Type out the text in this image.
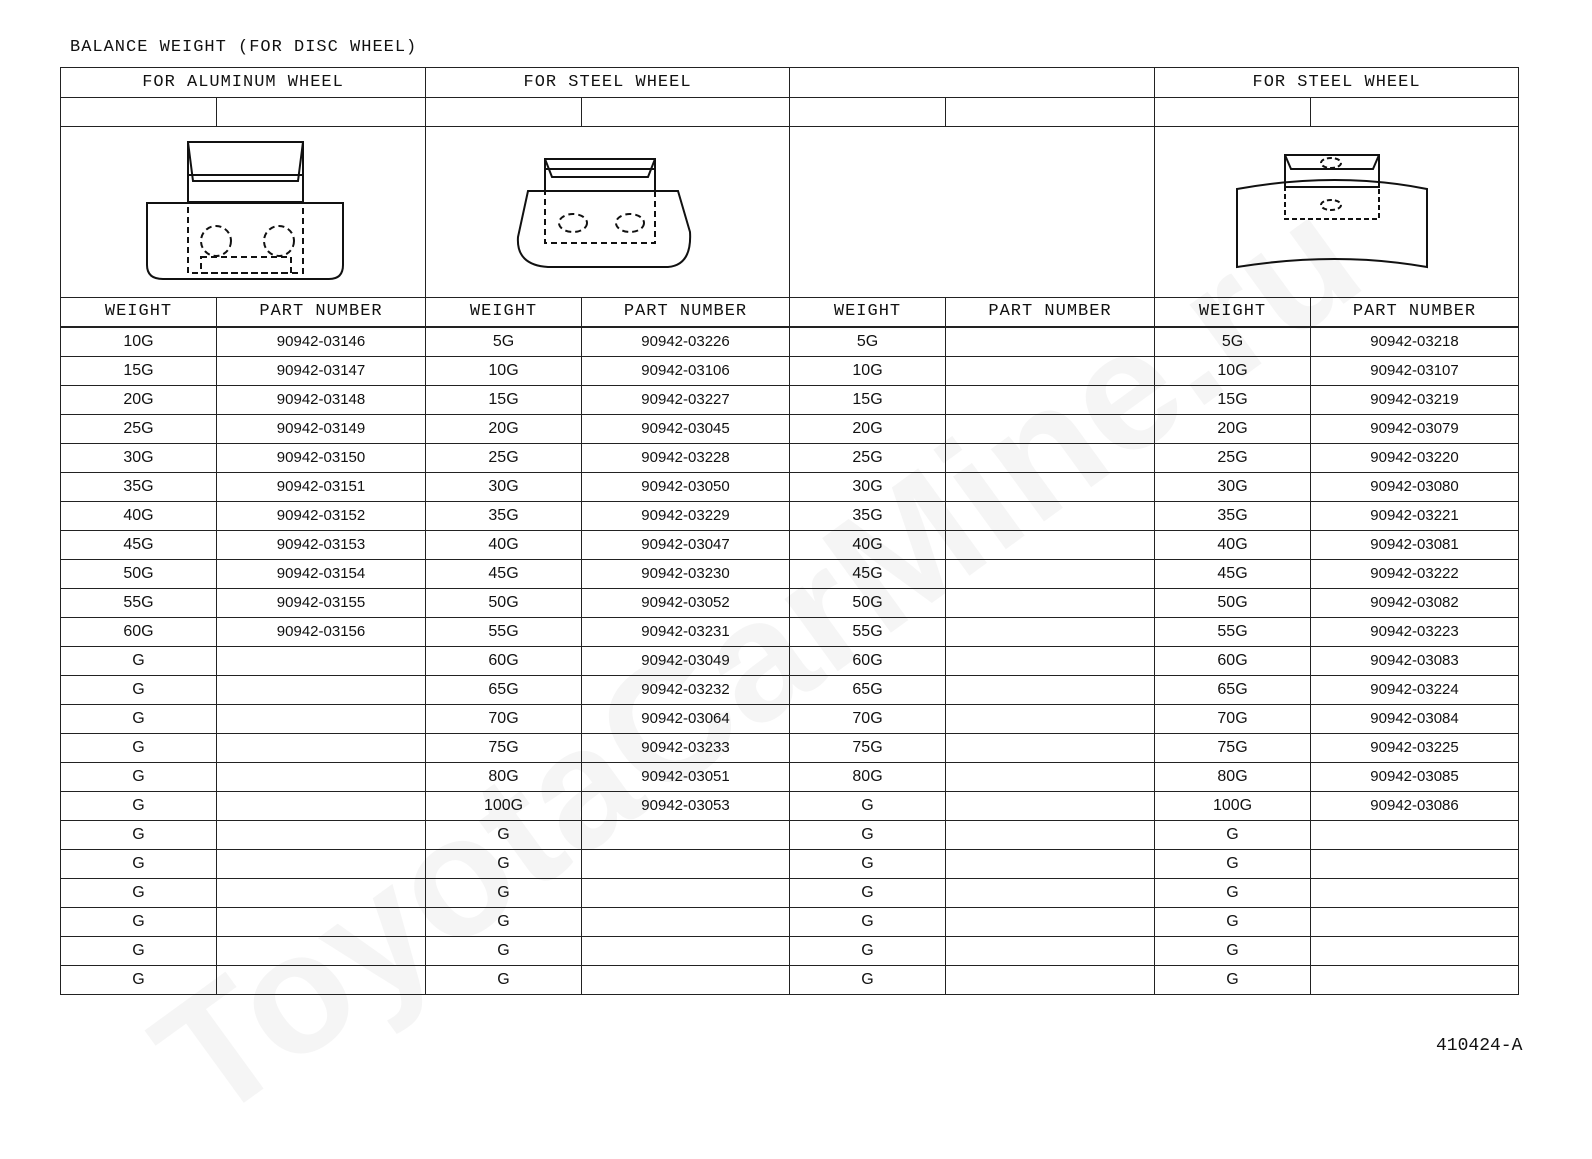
BALANCE WEIGHT (FOR DISC WHEEL)
FOR ALUMINUM WHEEL		FOR STEEL WHEEL				FOR STEEL WHEEL	

WEIGHT	PART NUMBER	WEIGHT	PART NUMBER	WEIGHT	PART NUMBER	WEIGHT	PART NUMBER
10G	90942-03146	5G	90942-03226	5G		5G	90942-03218
15G	90942-03147	10G	90942-03106	10G		10G	90942-03107
20G	90942-03148	15G	90942-03227	15G		15G	90942-03219
25G	90942-03149	20G	90942-03045	20G		20G	90942-03079
30G	90942-03150	25G	90942-03228	25G		25G	90942-03220
35G	90942-03151	30G	90942-03050	30G		30G	90942-03080
40G	90942-03152	35G	90942-03229	35G		35G	90942-03221
45G	90942-03153	40G	90942-03047	40G		40G	90942-03081
50G	90942-03154	45G	90942-03230	45G		45G	90942-03222
55G	90942-03155	50G	90942-03052	50G		50G	90942-03082
60G	90942-03156	55G	90942-03231	55G		55G	90942-03223
G		60G	90942-03049	60G		60G	90942-03083
G		65G	90942-03232	65G		65G	90942-03224
G		70G	90942-03064	70G		70G	90942-03084
G		75G	90942-03233	75G		75G	90942-03225
G		80G	90942-03051	80G		80G	90942-03085
G		100G	90942-03053	G		100G	90942-03086
G		G		G		G	
G		G		G		G	
G		G		G		G	
G		G		G		G	
G		G		G		G	
G		G		G		G	
410424-A
